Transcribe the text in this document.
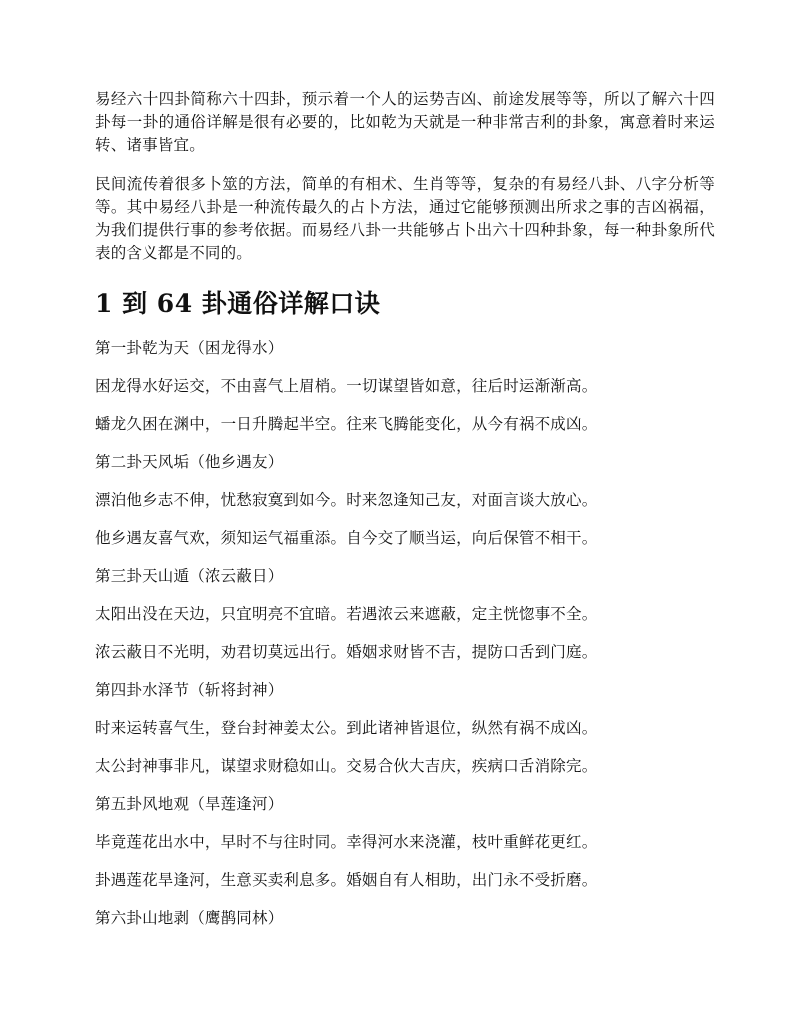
易经六十四卦简称六十四卦，预示着一个人的运势吉凶、前途发展等等，所以了解六十四卦每一卦的通俗详解是很有必要的，比如乾为天就是一种非常吉利的卦象，寓意着时来运转、诸事皆宜。

民间流传着很多卜筮的方法，简单的有相术、生肖等等，复杂的有易经八卦、八字分析等等。其中易经八卦是一种流传最久的占卜方法，通过它能够预测出所求之事的吉凶祸福，为我们提供行事的参考依据。而易经八卦一共能够占卜出六十四种卦象，每一种卦象所代表的含义都是不同的。

1 到 64 卦通俗详解口诀
第一卦乾为天（困龙得水）
困龙得水好运交，不由喜气上眉梢。一切谋望皆如意，往后时运渐渐高。
蟠龙久困在渊中，一日升腾起半空。往来飞腾能变化，从今有祸不成凶。
第二卦天风垢（他乡遇友）
漂泊他乡志不伸，忧愁寂寞到如今。时来忽逢知己友，对面言谈大放心。
他乡遇友喜气欢，须知运气福重添。自今交了顺当运，向后保管不相干。
第三卦天山遁（浓云蔽日）
太阳出没在天边，只宜明亮不宜暗。若遇浓云来遮蔽，定主恍惚事不全。
浓云蔽日不光明，劝君切莫远出行。婚姻求财皆不吉，提防口舌到门庭。
第四卦水泽节（斩将封神）
时来运转喜气生，登台封神姜太公。到此诸神皆退位，纵然有祸不成凶。
太公封神事非凡，谋望求财稳如山。交易合伙大吉庆，疾病口舌消除完。
第五卦风地观（旱莲逢河）
毕竟莲花出水中，早时不与往时同。幸得河水来浇灌，枝叶重鲜花更红。
卦遇莲花旱逢河，生意买卖利息多。婚姻自有人相助，出门永不受折磨。
第六卦山地剥（鹰鹊同林）
